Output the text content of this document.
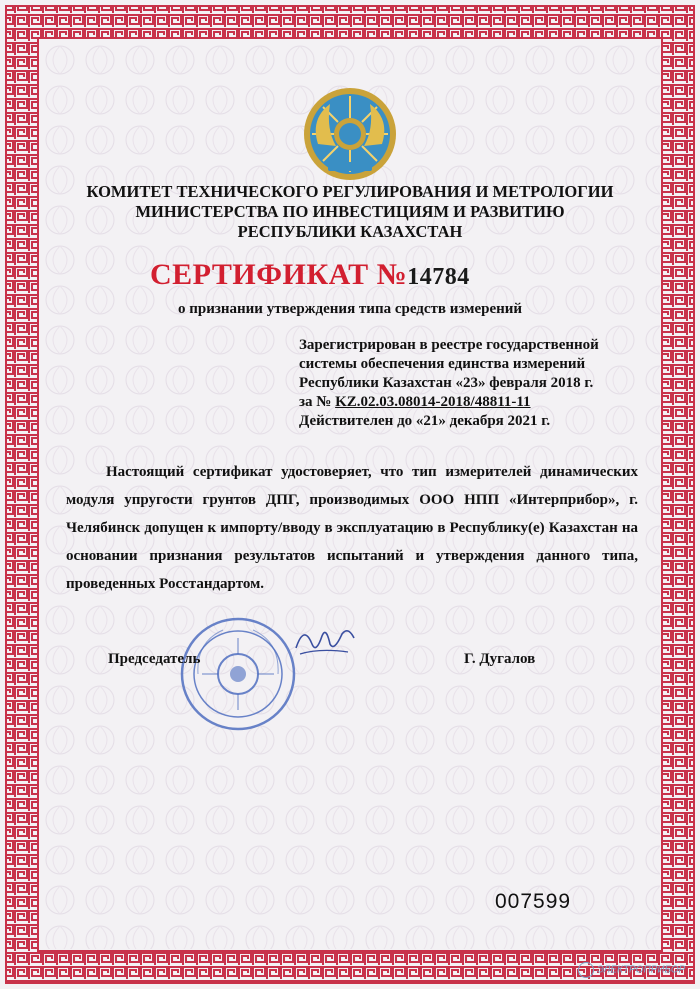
КОМИТЕТ ТЕХНИЧЕСКОГО РЕГУЛИРОВАНИЯ И МЕТРОЛОГИИ
МИНИСТЕРСТВА ПО ИНВЕСТИЦИЯМ И РАЗВИТИЮ
РЕСПУБЛИКИ КАЗАХСТАН
СЕРТИФИКАТ №14784
о признании утверждения типа средств измерений
Зарегистрирован в реестре государственной
системы обеспечения единства измерений
Республики Казахстан «23» февраля 2018 г.
за № KZ.02.03.08014-2018/48811-11
Действителен до «21» декабря 2021 г.

Настоящий сертификат удостоверяет, что тип измерителей динамических модуля упругости грунтов ДПГ, производимых ООО НПП «Интерприбор», г. Челябинск допущен к импорту/вводу в эксплуатацию в Республику(е) Казахстан на основании признания результатов испытаний и утверждения данного типа, проведенных Росстандартом.

Председатель	Г. Дугалов
007599
ЭЛЕКТРОПРИБОР
